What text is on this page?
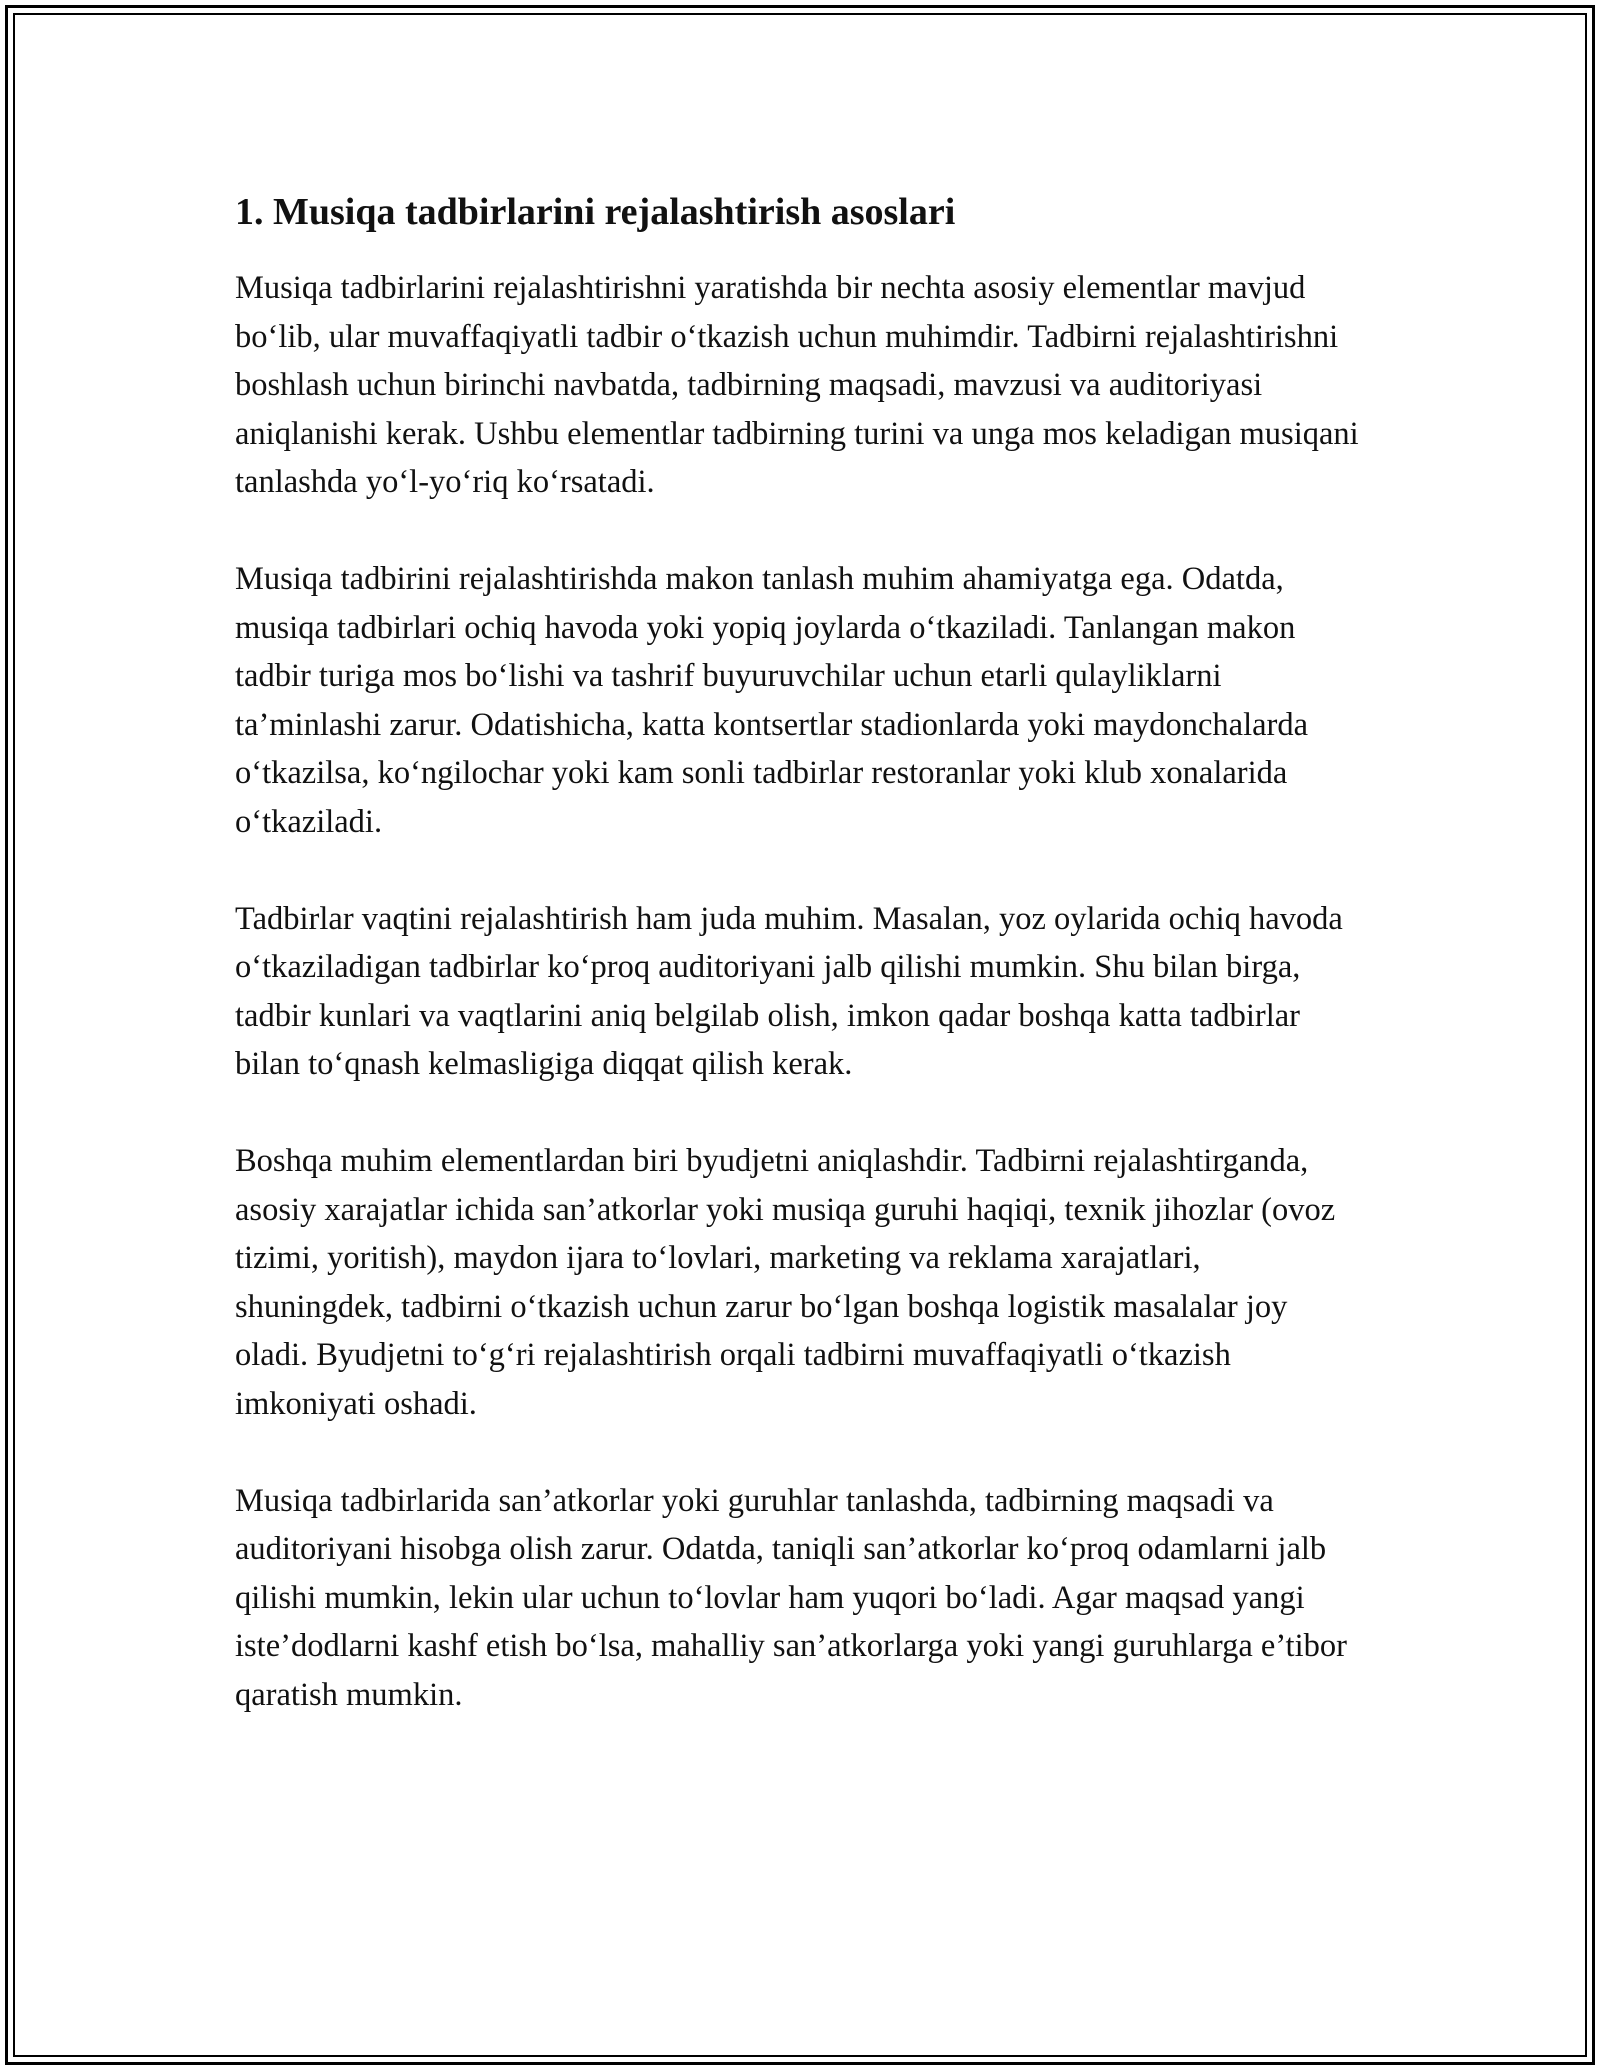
1. Musiqa tadbirlarini rejalashtirish asoslari

Musiqa tadbirlarini rejalashtirishni yaratishda bir nechta asosiy elementlar mavjud bo‘lib, ular muvaffaqiyatli tadbir o‘tkazish uchun muhimdir. Tadbirni rejalashtirishni boshlash uchun birinchi navbatda, tadbirning maqsadi, mavzusi va auditoriyasi aniqlanishi kerak. Ushbu elementlar tadbirning turini va unga mos keladigan musiqani tanlashda yo‘l-yo‘riq ko‘rsatadi.

Musiqa tadbirini rejalashtirishda makon tanlash muhim ahamiyatga ega. Odatda, musiqa tadbirlari ochiq havoda yoki yopiq joylarda o‘tkaziladi. Tanlangan makon tadbir turiga mos bo‘lishi va tashrif buyuruvchilar uchun etarli qulayliklarni ta’minlashi zarur. Odatishicha, katta kontsertlar stadionlarda yoki maydonchalarda o‘tkazilsa, ko‘ngilochar yoki kam sonli tadbirlar restoranlar yoki klub xonalarida o‘tkaziladi.

Tadbirlar vaqtini rejalashtirish ham juda muhim. Masalan, yoz oylarida ochiq havoda o‘tkaziladigan tadbirlar ko‘proq auditoriyani jalb qilishi mumkin. Shu bilan birga, tadbir kunlari va vaqtlarini aniq belgilab olish, imkon qadar boshqa katta tadbirlar bilan to‘qnash kelmasligiga diqqat qilish kerak.

Boshqa muhim elementlardan biri byudjetni aniqlashdir. Tadbirni rejalashtirganda, asosiy xarajatlar ichida san’atkorlar yoki musiqa guruhi haqiqi, texnik jihozlar (ovoz tizimi, yoritish), maydon ijara to‘lovlari, marketing va reklama xarajatlari, shuningdek, tadbirni o‘tkazish uchun zarur bo‘lgan boshqa logistik masalalar joy oladi. Byudjetni to‘g‘ri rejalashtirish orqali tadbirni muvaffaqiyatli o‘tkazish imkoniyati oshadi.

Musiqa tadbirlarida san’atkorlar yoki guruhlar tanlashda, tadbirning maqsadi va auditoriyani hisobga olish zarur. Odatda, taniqli san’atkorlar ko‘proq odamlarni jalb qilishi mumkin, lekin ular uchun to‘lovlar ham yuqori bo‘ladi. Agar maqsad yangi iste’dodlarni kashf etish bo‘lsa, mahalliy san’atkorlarga yoki yangi guruhlarga e’tibor qaratish mumkin.
